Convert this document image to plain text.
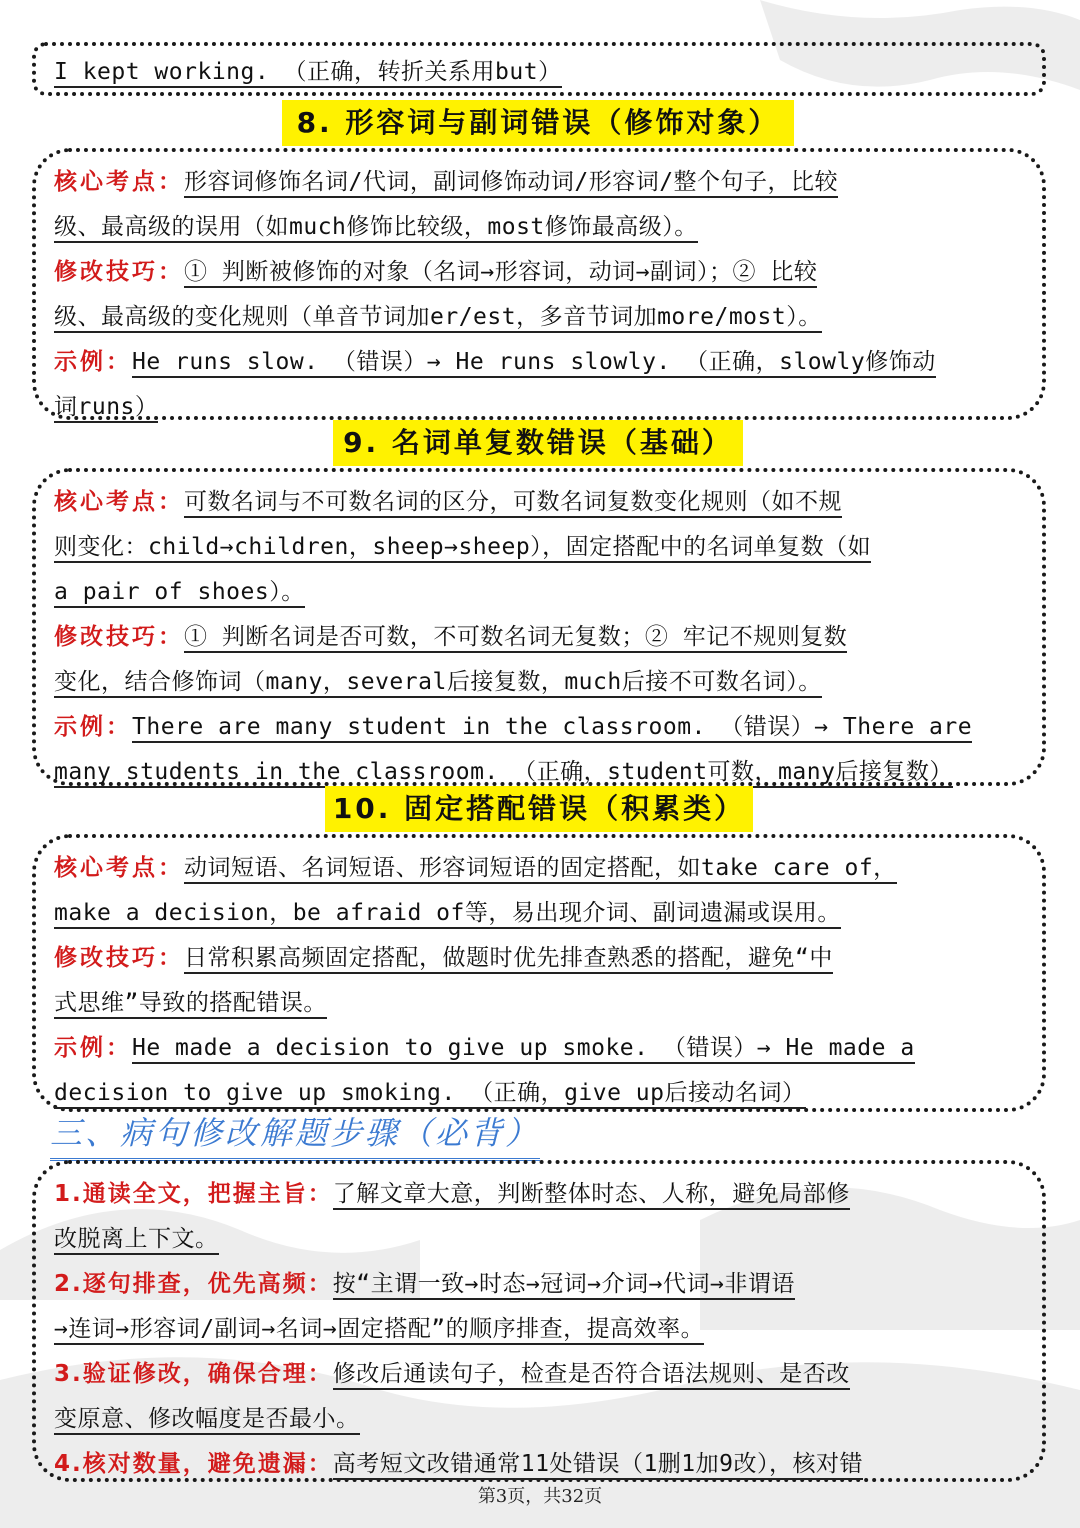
I kept working. （正确，转折关系用but）
8. 形容词与副词错误（修饰对象）
核心考点：形容词修饰名词/代词，副词修饰动词/形容词/整个句子，比较
级、最高级的误用（如much修饰比较级，most修饰最高级）。
修改技巧：① 判断被修饰的对象（名词→形容词，动词→副词）；② 比较
级、最高级的变化规则（单音节词加er/est，多音节词加more/most）。
示例：He runs slow. （错误）→ He runs slowly. （正确，slowly修饰动
词runs）
9. 名词单复数错误（基础）
核心考点：可数名词与不可数名词的区分，可数名词复数变化规则（如不规
则变化：child→children，sheep→sheep），固定搭配中的名词单复数（如
a pair of shoes）。
修改技巧：① 判断名词是否可数，不可数名词无复数；② 牢记不规则复数
变化，结合修饰词（many，several后接复数，much后接不可数名词）。
示例：There are many student in the classroom. （错误）→ There are
many students in the classroom. （正确，student可数，many后接复数）
10. 固定搭配错误（积累类）
核心考点：动词短语、名词短语、形容词短语的固定搭配，如take care of，
make a decision，be afraid of等，易出现介词、副词遗漏或误用。
修改技巧：日常积累高频固定搭配，做题时优先排查熟悉的搭配，避免“中
式思维”导致的搭配错误。
示例：He made a decision to give up smoke. （错误）→ He made a
decision to give up smoking. （正确，give up后接动名词）
三、病句修改解题步骤（必背）
1.通读全文，把握主旨：了解文章大意，判断整体时态、人称，避免局部修
改脱离上下文。
2.逐句排查，优先高频：按“主谓一致→时态→冠词→介词→代词→非谓语
→连词→形容词/副词→名词→固定搭配”的顺序排查，提高效率。
3.验证修改，确保合理：修改后通读句子，检查是否符合语法规则、是否改
变原意、修改幅度是否最小。
4.核对数量，避免遗漏：高考短文改错通常11处错误（1删1加9改），核对错
第3页，共32页
